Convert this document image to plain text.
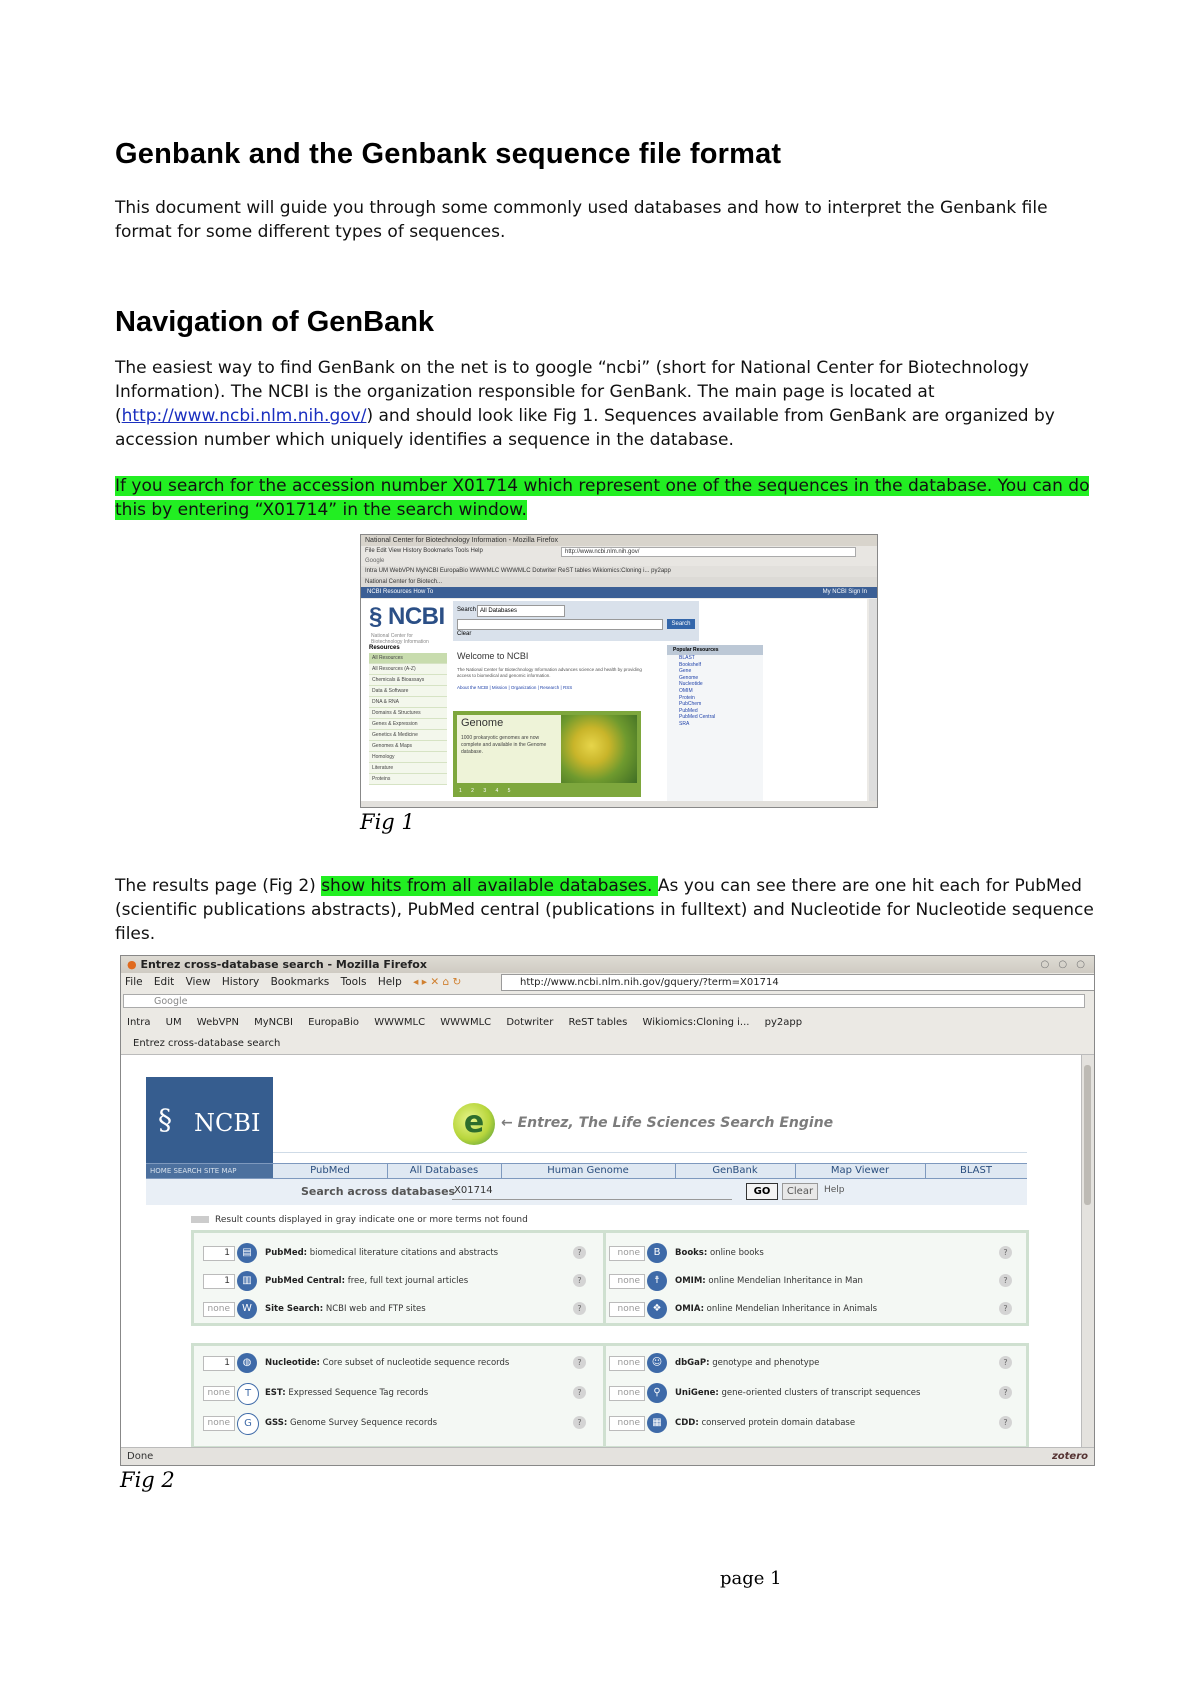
Genbank and the Genbank sequence file format

This document will guide you through some commonly used databases and how to interpret the Genbank file format for some different types of sequences.

Navigation of GenBank

The easiest way to find GenBank on the net is to google “ncbi” (short for National Center for Biotechnology Information). The NCBI is the organization responsible for GenBank. The main page is located at (http://www.ncbi.nlm.nih.gov/) and should look like Fig 1. Sequences available from GenBank are organized by accession number which uniquely identifies a sequence in the database.

If you search for the accession number X01714 which represent one of the sequences in the database. You can do this by entering “X01714” in the search window.

National Center for Biotechnology Information - Mozilla Firefox
File Edit View History Bookmarks Tools Help	http://www.ncbi.nlm.nih.gov/
Google
Intra UM WebVPN MyNCBI EuropaBio WWWMLC WWWMLC Dotwriter ReST tables Wikiomics:Cloning i... py2app
National Center for Biotech...
NCBI Resources How To	My NCBI Sign In
§ NCBI
National Center for Biotechnology Information
Search All Databases
Search
Clear
Resources
All Resources
All Resources (A-Z)
Chemicals & Bioassays
Data & Software
DNA & RNA
Domains & Structures
Genes & Expression
Genetics & Medicine
Genomes & Maps
Homology
Literature
Proteins
Welcome to NCBI
The National Center for Biotechnology Information advances science and health by providing access to biomedical and genomic information.
About the NCBI | Mission | Organization | Research | RSS
Genome
1000 prokaryotic genomes are now complete and available in the Genome database.
1 2 3 4 5
Popular Resources
BLAST
Bookshelf
Gene
Genome
Nucleotide
OMIM
Protein
PubChem
PubMed
PubMed Central
SRA
Fig 1

The results page (Fig 2) show hits from all available databases. As you can see there are one hit each for PubMed (scientific publications abstracts), PubMed central (publications in fulltext) and Nucleotide for Nucleotide sequence files.

● Entrez cross-database search - Mozilla Firefox	○ ○ ○
File Edit View History Bookmarks Tools Help ◂ ▸ ✕ ⌂ ↻	http://www.ncbi.nlm.nih.gov/gquery/?term=X01714
Google
Intra UM WebVPN MyNCBI EuropaBio WWWMLC WWWMLC Dotwriter ReST tables Wikiomics:Cloning i... py2app
Entrez cross-database search
§ NCBI	e	← Entrez, The Life Sciences Search Engine
HOME SEARCH SITE MAP	PubMed	All Databases	Human Genome	GenBank	Map Viewer	BLAST
Search across databases
X01714	GO	Clear	Help
Result counts displayed in gray indicate one or more terms not found
1	▤	PubMed: biomedical literature citations and abstracts	?
1	▥	PubMed Central: free, full text journal articles	?
none	W	Site Search: NCBI web and FTP sites	?
none	B	Books: online books	?
none	☨	OMIM: online Mendelian Inheritance in Man	?
none	❖	OMIA: online Mendelian Inheritance in Animals	?
1	◍	Nucleotide: Core subset of nucleotide sequence records	?
none	T	EST: Expressed Sequence Tag records	?
none	G	GSS: Genome Survey Sequence records	?
none	☺	dbGaP: genotype and phenotype	?
none	⚲	UniGene: gene-oriented clusters of transcript sequences	?
none	▦	CDD: conserved protein domain database	?
Done	zotero
Fig 2
page 1
